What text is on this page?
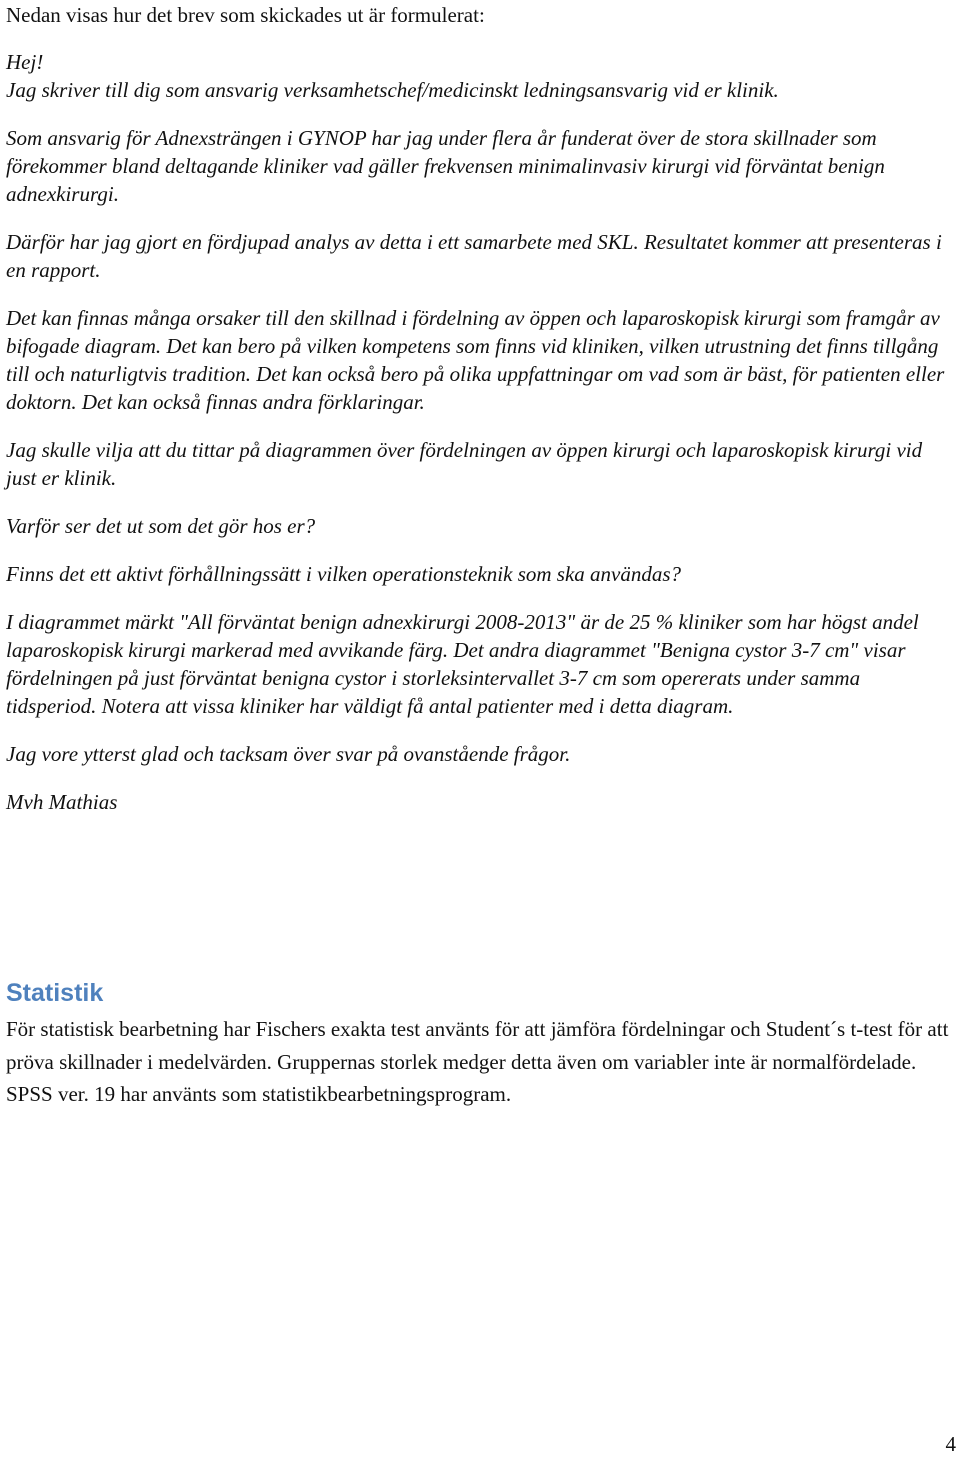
Nedan visas hur det brev som skickades ut är formulerat:

Hej!

Jag skriver till dig som ansvarig verksamhetschef/medicinskt ledningsansvarig vid er klinik.

Som ansvarig för Adnexsträngen i GYNOP har jag under flera år funderat över de stora skillnader som förekommer bland deltagande kliniker vad gäller frekvensen minimalinvasiv kirurgi vid förväntat benign adnexkirurgi.

Därför har jag gjort en fördjupad analys av detta i ett samarbete med SKL. Resultatet kommer att presenteras i en rapport.

Det kan finnas många orsaker till den skillnad i fördelning av öppen och laparoskopisk kirurgi som framgår av bifogade diagram. Det kan bero på vilken kompetens som finns vid kliniken, vilken utrustning det finns tillgång till och naturligtvis tradition. Det kan också bero på olika uppfattningar om vad som är bäst, för patienten eller doktorn. Det kan också finnas andra förklaringar.

Jag skulle vilja att du tittar på diagrammen över fördelningen av öppen kirurgi och laparoskopisk kirurgi vid just er klinik.

Varför ser det ut som det gör hos er?

Finns det ett aktivt förhållningssätt i vilken operationsteknik som ska användas?

I diagrammet märkt "All förväntat benign adnexkirurgi 2008-2013" är de 25 % kliniker som har högst andel laparoskopisk kirurgi markerad med avvikande färg. Det andra diagrammet "Benigna cystor 3-7 cm" visar fördelningen på just förväntat benigna cystor i storleksintervallet 3-7 cm som opererats under samma tidsperiod. Notera att vissa kliniker har väldigt få antal patienter med i detta diagram.

Jag vore ytterst glad och tacksam över svar på ovanstående frågor.

Mvh Mathias

Statistik

För statistisk bearbetning har Fischers exakta test använts för att jämföra fördelningar och Student´s t-test för att pröva skillnader i medelvärden. Gruppernas storlek medger detta även om variabler inte är normalfördelade. SPSS ver. 19 har använts som statistikbearbetningsprogram.

4
